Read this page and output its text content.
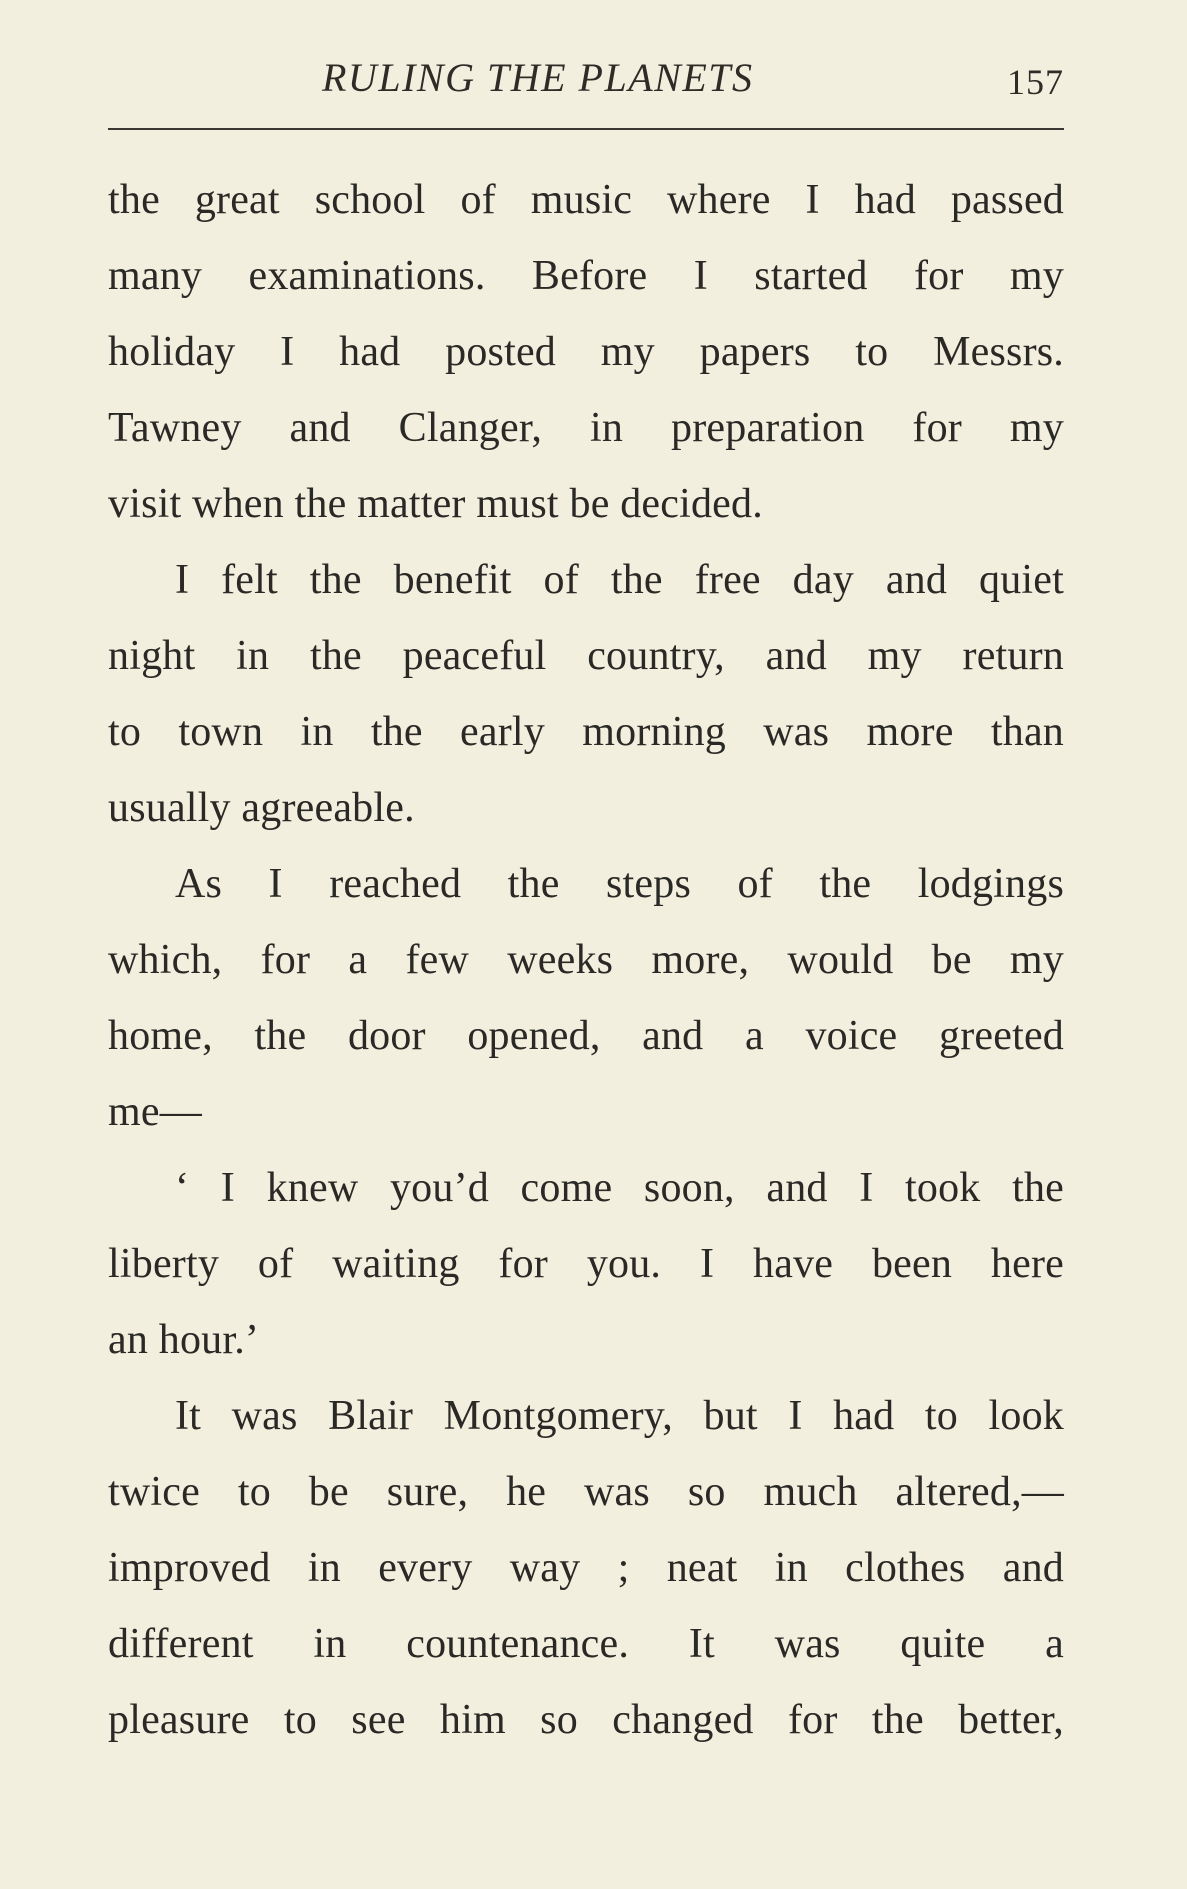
RULING THE PLANETS	157
the great school of music where I had passed
many examinations. Before I started for my
holiday I had posted my papers to Messrs.
Tawney and Clanger, in preparation for my
visit when the matter must be decided.
I felt the benefit of the free day and quiet
night in the peaceful country, and my return
to town in the early morning was more than
usually agreeable.
As I reached the steps of the lodgings
which, for a few weeks more, would be my
home, the door opened, and a voice greeted
me—
‘ I knew you’d come soon, and I took the
liberty of waiting for you. I have been here
an hour.’
It was Blair Montgomery, but I had to look
twice to be sure, he was so much altered,—
improved in every way ; neat in clothes and
different in countenance. It was quite a
pleasure to see him so changed for the better,
